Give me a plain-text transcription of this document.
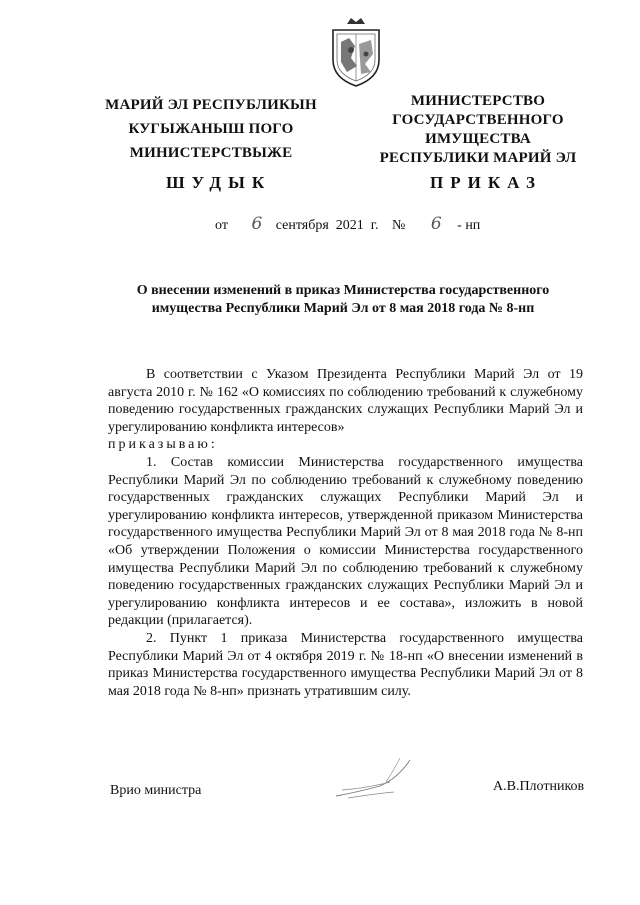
МАРИЙ ЭЛ РЕСПУБЛИКЫН
КУГЫЖАНЫШ ПОГО
МИНИСТЕРСТВЫЖЕ
МИНИСТЕРСТВО
ГОСУДАРСТВЕННОГО
ИМУЩЕСТВА
РЕСПУБЛИКИ МАРИЙ ЭЛ
ШУДЫК	ПРИКАЗ
от 6 сентября  2021  г. № 6 - нп
О внесении изменений в приказ Министерства государственного имущества Республики Марий Эл от 8 мая 2018 года № 8-нп

В соответствии с Указом Президента Республики Марий Эл от 19 августа 2010 г. № 162 «О комиссиях по соблюдению требований к служебному поведению государственных гражданских служащих Республики Марий Эл и урегулированию конфликта интересов»

приказываю:

1. Состав комиссии Министерства государственного имущества Республики Марий Эл по соблюдению требований к служебному поведению государственных гражданских служащих Республики Марий Эл и урегулированию конфликта интересов, утвержденной приказом Министерства государственного имущества Республики Марий Эл от 8 мая 2018 года № 8-нп «Об утверждении Положения о комиссии Министерства государственного имущества Республики Марий Эл по соблюдению требований к служебному поведению государственных гражданских служащих Республики Марий Эл и урегулированию конфликта интересов и ее состава», изложить в новой редакции (прилагается).

2. Пункт 1 приказа Министерства государственного имущества Республики Марий Эл от 4 октября 2019 г. № 18-нп «О внесении изменений в приказ Министерства государственного имущества Республики Марий Эл от 8 мая 2018 года № 8-нп» признать утратившим силу.

Врио министра	А.В.Плотников
